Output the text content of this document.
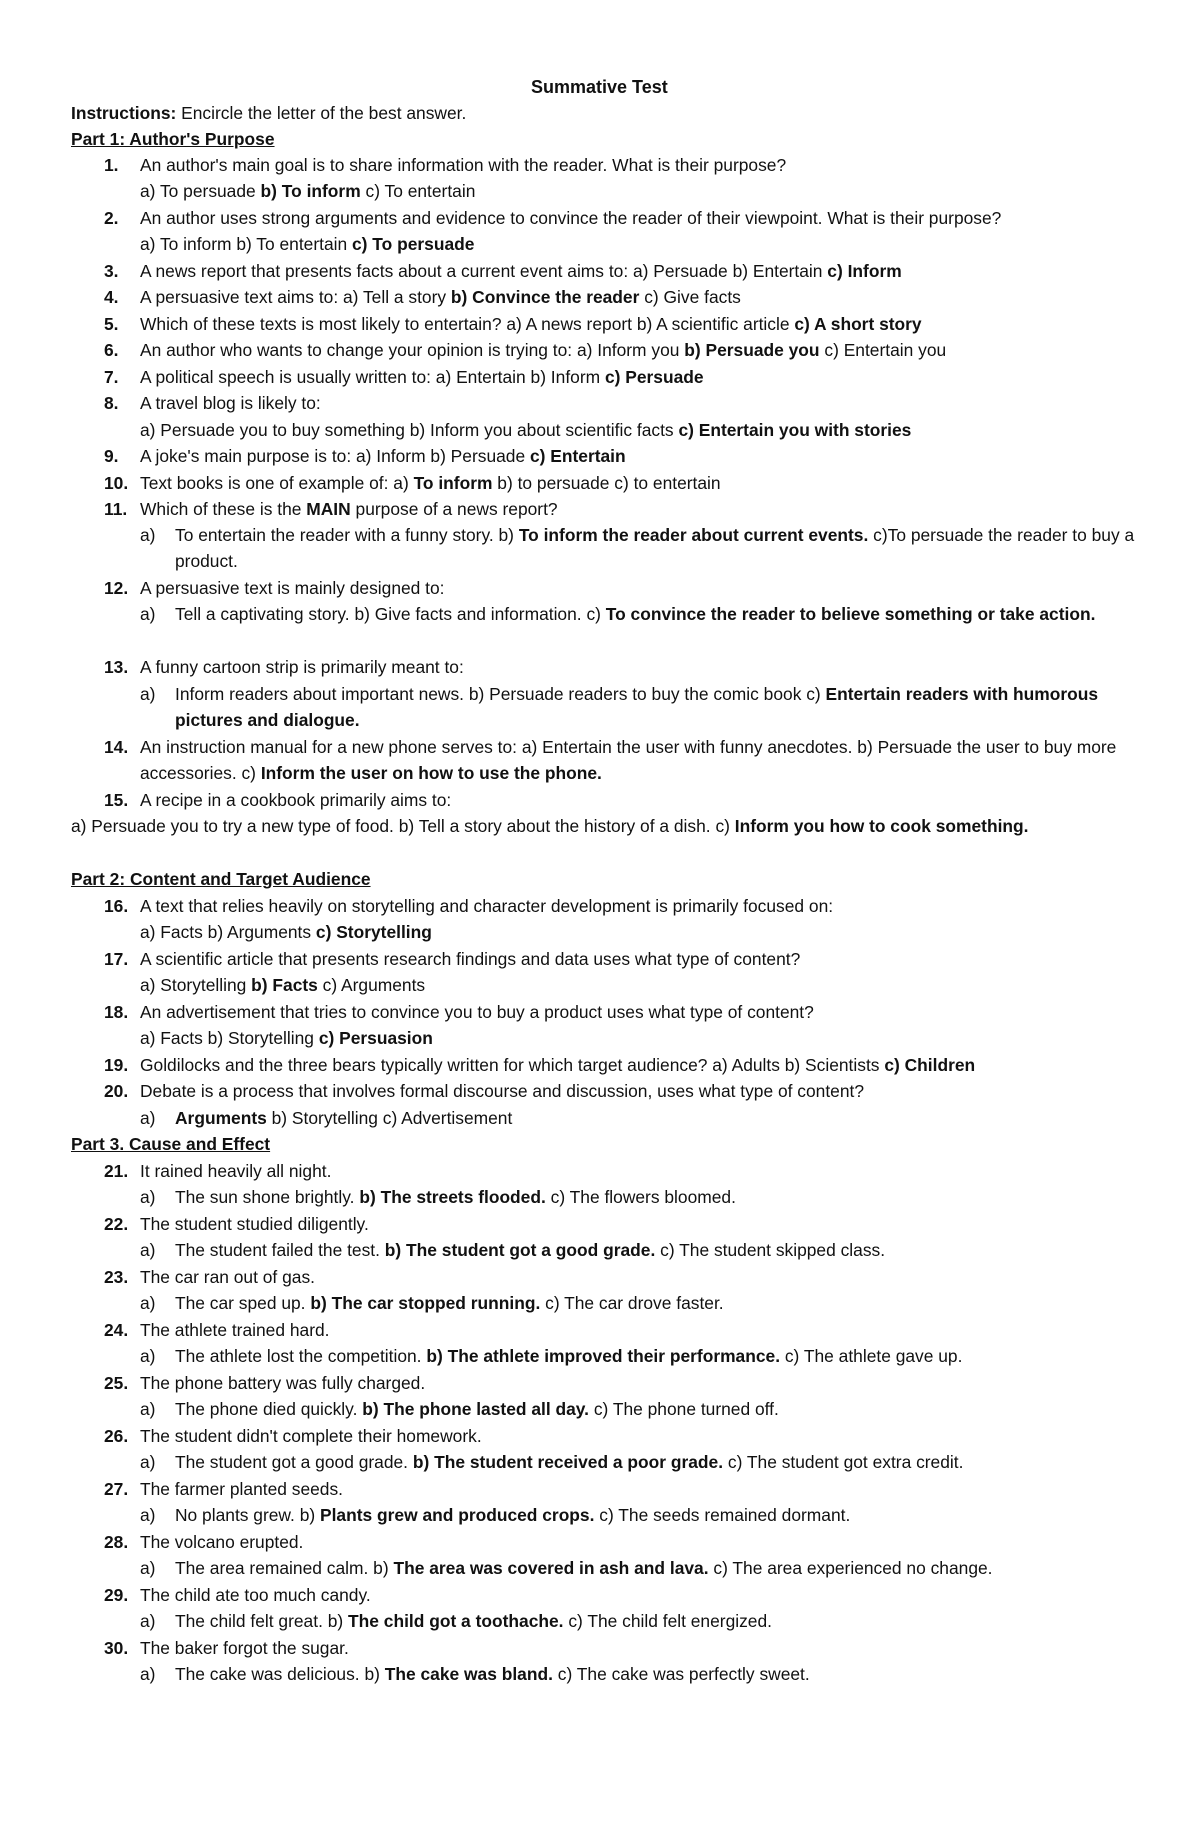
Summative Test
Instructions: Encircle the letter of the best answer.
Part 1: Author's Purpose
1.	An author's main goal is to share information with the reader. What is their purpose?
a) To persuade b) To inform c) To entertain
2.	An author uses strong arguments and evidence to convince the reader of their viewpoint. What is their purpose?
a) To inform b) To entertain c) To persuade
3.	A news report that presents facts about a current event aims to: a) Persuade b) Entertain c) Inform
4.	A persuasive text aims to: a) Tell a story b) Convince the reader c) Give facts
5.	Which of these texts is most likely to entertain? a) A news report b) A scientific article c) A short story
6.	An author who wants to change your opinion is trying to: a) Inform you b) Persuade you c) Entertain you
7.	A political speech is usually written to: a) Entertain b) Inform c) Persuade
8.	A travel blog is likely to:
a) Persuade you to buy something b) Inform you about scientific facts c) Entertain you with stories
9.	A joke's main purpose is to: a) Inform b) Persuade c) Entertain
10. Text books is one of example of: a) To inform b) to persuade c) to entertain
11. Which of these is the MAIN purpose of a news report?
a) To entertain the reader with a funny story. b) To inform the reader about current events. c)To persuade the reader to buy a product.
12. A persuasive text is mainly designed to:
a) Tell a captivating story. b) Give facts and information. c) To convince the reader to believe something or take action.
13. A funny cartoon strip is primarily meant to:
a) Inform readers about important news. b) Persuade readers to buy the comic book c) Entertain readers with humorous pictures and dialogue.
14. An instruction manual for a new phone serves to: a) Entertain the user with funny anecdotes. b) Persuade the user to buy more accessories. c) Inform the user on how to use the phone.
15. A recipe in a cookbook primarily aims to:
a) Persuade you to try a new type of food. b) Tell a story about the history of a dish. c) Inform you how to cook something.
Part 2: Content and Target Audience
16. A text that relies heavily on storytelling and character development is primarily focused on:
a) Facts b) Arguments c) Storytelling
17. A scientific article that presents research findings and data uses what type of content?
a) Storytelling b) Facts c) Arguments
18. An advertisement that tries to convince you to buy a product uses what type of content?
a) Facts b) Storytelling c) Persuasion
19. Goldilocks and the three bears typically written for which target audience? a) Adults b) Scientists c) Children
20. Debate is a process that involves formal discourse and discussion, uses what type of content?
a) Arguments b) Storytelling c) Advertisement
Part 3. Cause and Effect
21. It rained heavily all night.
a) The sun shone brightly. b) The streets flooded. c) The flowers bloomed.
22. The student studied diligently.
a) The student failed the test. b) The student got a good grade. c) The student skipped class.
23. The car ran out of gas.
a) The car sped up. b) The car stopped running. c) The car drove faster.
24. The athlete trained hard.
a) The athlete lost the competition. b) The athlete improved their performance. c) The athlete gave up.
25. The phone battery was fully charged.
a) The phone died quickly. b) The phone lasted all day. c) The phone turned off.
26. The student didn't complete their homework.
a) The student got a good grade. b) The student received a poor grade. c) The student got extra credit.
27. The farmer planted seeds.
a) No plants grew. b) Plants grew and produced crops. c) The seeds remained dormant.
28. The volcano erupted.
a) The area remained calm. b) The area was covered in ash and lava. c) The area experienced no change.
29. The child ate too much candy.
a) The child felt great. b) The child got a toothache. c) The child felt energized.
30. The baker forgot the sugar.
a) The cake was delicious. b) The cake was bland. c) The cake was perfectly sweet.
